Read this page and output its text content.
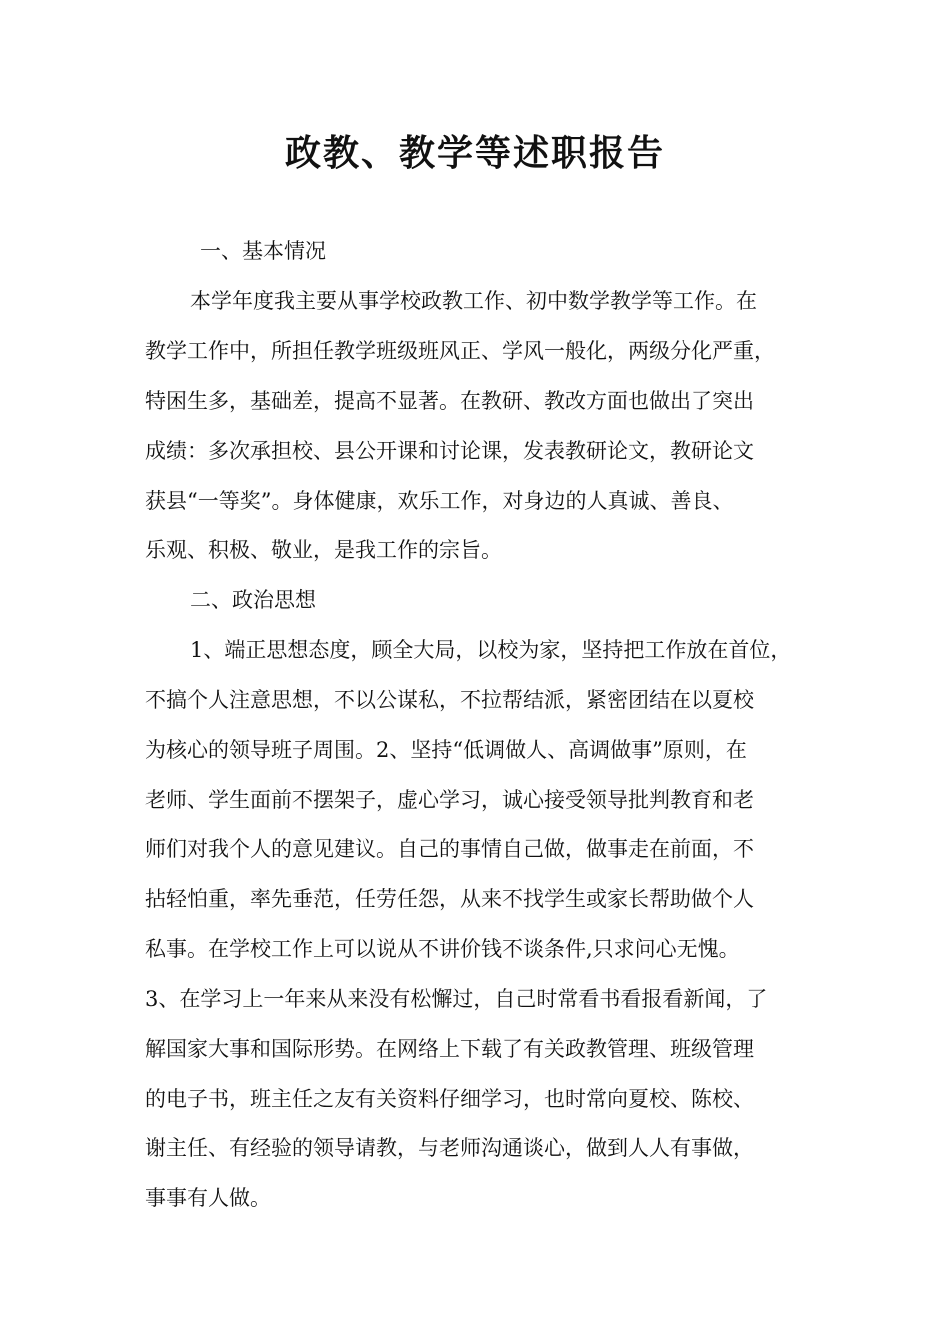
政教、教学等述职报告

一、基本情况

本学年度我主要从事学校政教工作、初中数学教学等工作。在

教学工作中，所担任教学班级班风正、学风一般化，两级分化严重，

特困生多，基础差，提高不显著。在教研、教改方面也做出了突出

成绩：多次承担校、县公开课和讨论课，发表教研论文，教研论文

获县“一等奖”。身体健康，欢乐工作，对身边的人真诚、善良、

乐观、积极、敬业，是我工作的宗旨。

二、政治思想

1、端正思想态度，顾全大局，以校为家，坚持把工作放在首位，

不搞个人注意思想，不以公谋私，不拉帮结派，紧密团结在以夏校

为核心的领导班子周围。2、坚持“低调做人、高调做事”原则，在

老师、学生面前不摆架子，虚心学习，诚心接受领导批判教育和老

师们对我个人的意见建议。自己的事情自己做，做事走在前面，不

拈轻怕重，率先垂范，任劳任怨，从来不找学生或家长帮助做个人

私事。在学校工作上可以说从不讲价钱不谈条件,只求问心无愧。

3、在学习上一年来从来没有松懈过，自己时常看书看报看新闻，了

解国家大事和国际形势。在网络上下载了有关政教管理、班级管理

的电子书，班主任之友有关资料仔细学习，也时常向夏校、陈校、

谢主任、有经验的领导请教，与老师沟通谈心，做到人人有事做，

事事有人做。
